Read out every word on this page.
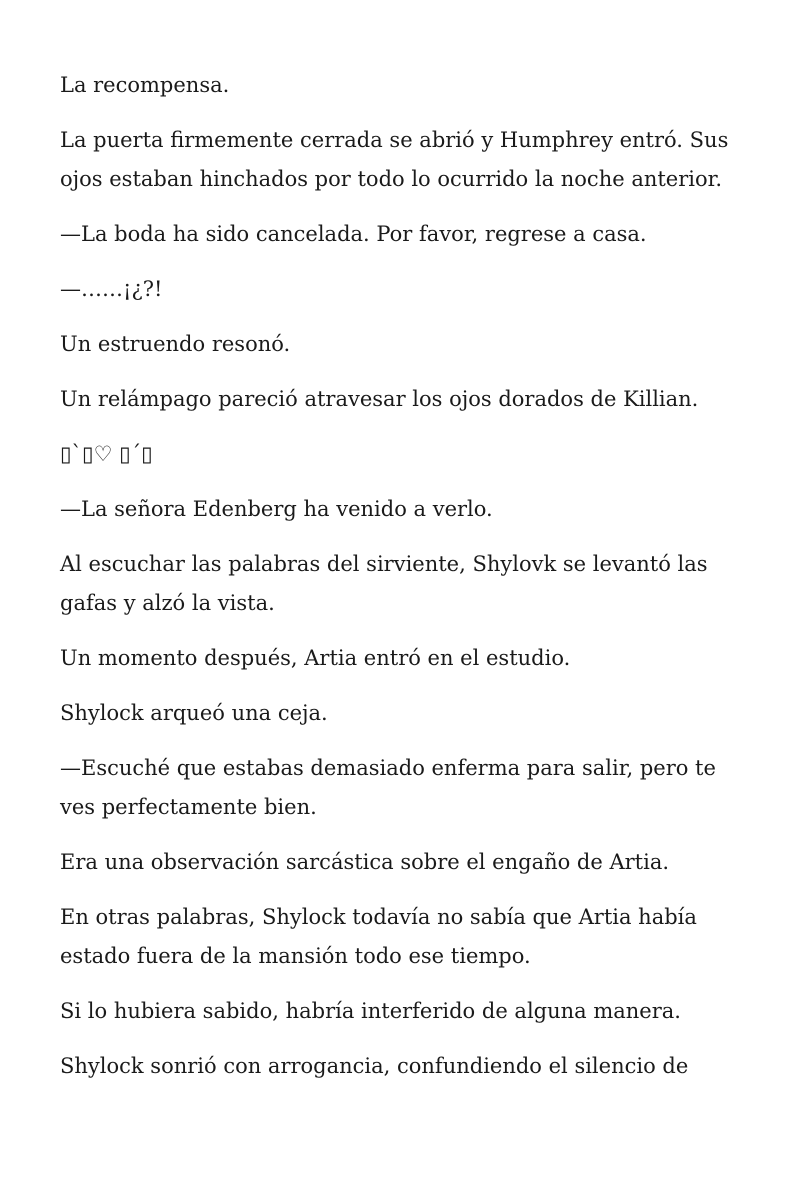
La recompensa.

La puerta firmemente cerrada se abrió y Humphrey entró. Sus ojos estaban hinchados por todo lo ocurrido la noche anterior.

—La boda ha sido cancelada. Por favor, regrese a casa.

—……¡¿?!

Un estruendo resonó.

Un relámpago pareció atravesar los ojos dorados de Killian.

▯`▯♡ ▯´▯

—La señora Edenberg ha venido a verlo.

Al escuchar las palabras del sirviente, Shylovk se levantó las gafas y alzó la vista.

Un momento después, Artia entró en el estudio.

Shylock arqueó una ceja.

—Escuché que estabas demasiado enferma para salir, pero te ves perfectamente bien.

Era una observación sarcástica sobre el engaño de Artia.

En otras palabras, Shylock todavía no sabía que Artia había estado fuera de la mansión todo ese tiempo.

Si lo hubiera sabido, habría interferido de alguna manera.

Shylock sonrió con arrogancia, confundiendo el silencio de
